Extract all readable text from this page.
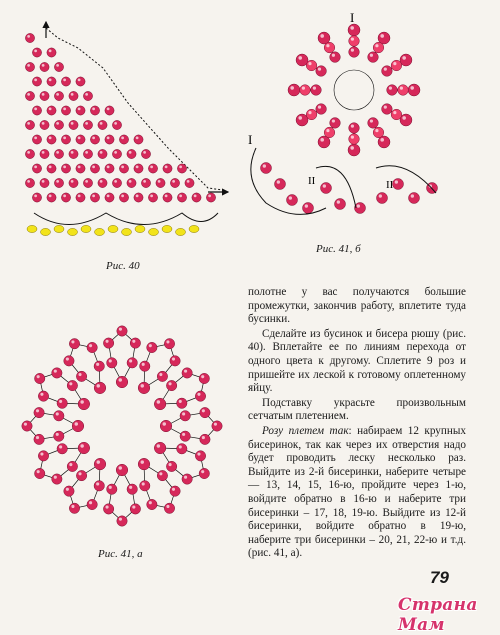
Рис. 40
I
I
II	II
Рис. 41, б
Рис. 41, а

полотне у вас получаются большие промежутки, закончив работу, вплетите туда бусинки.

Сделайте из бусинок и бисера рюшу (рис. 40). Вплетайте ее по линиям перехода от одного цвета к другому. Сплетите 9 роз и пришейте их леской к готовому оплетенному яйцу.

Подставку украсьте произвольным сетчатым плетением.

Розу плетем так: набираем 12 крупных бисеринок, так как через их отверстия надо будет проводить леску несколько раз. Выйдите из 2-й бисеринки, наберите четыре — 13, 14, 15, 16-ю, пройдите через 1-ю, войдите обратно в 16-ю и наберите три бисеринки – 17, 18, 19-ю. Выйдите из 12-й бисеринки, войдите обратно в 19-ю, наберите три бисеринки – 20, 21, 22-ю и т.д. (рис. 41, а).

79
Страна Мам
